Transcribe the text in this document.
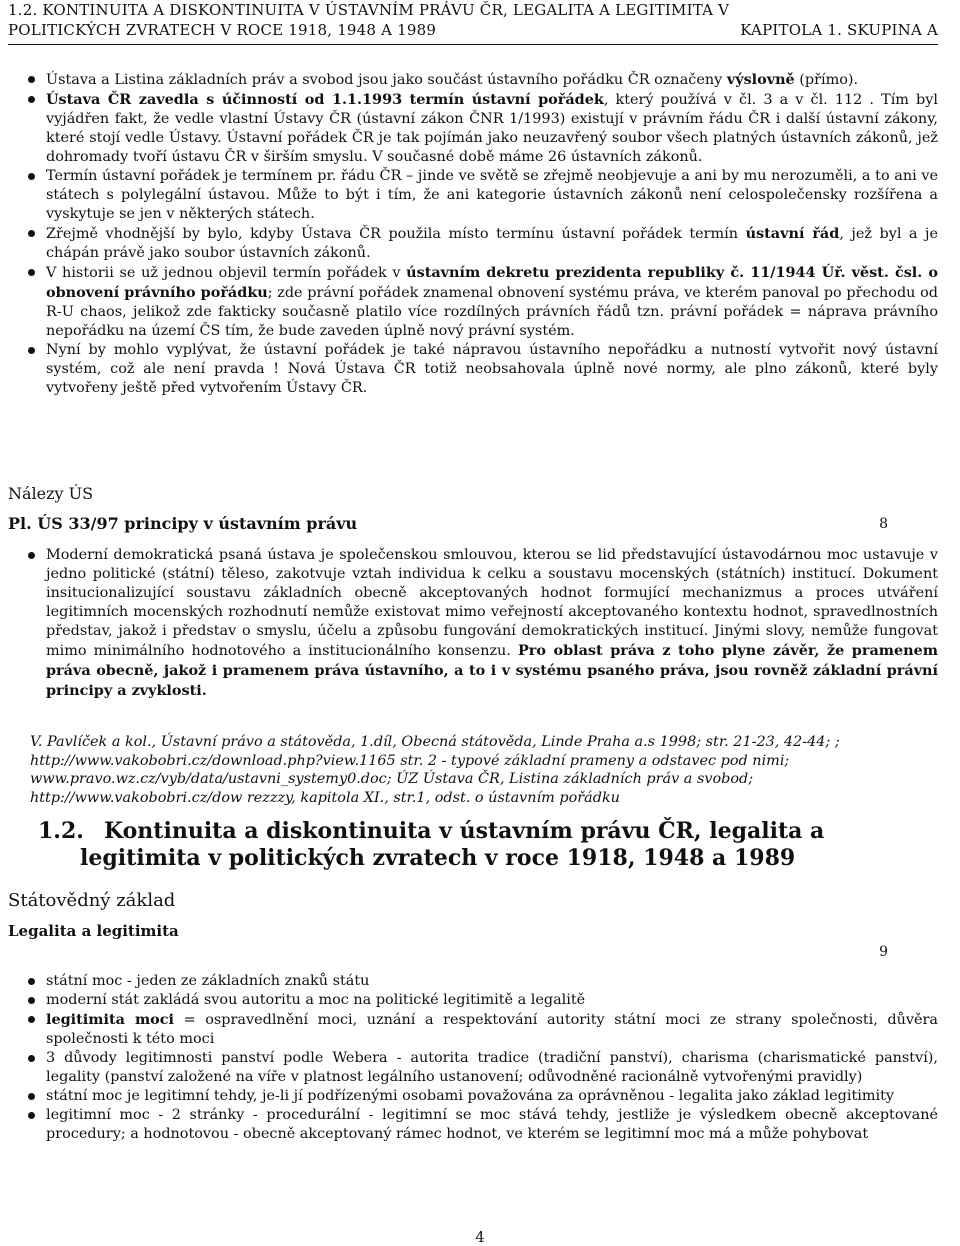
1.2. KONTINUITA A DISKONTINUITA V ÚSTAVNÍM PRÁVU ČR, LEGALITA A LEGITIMITA V
POLITICKÝCH ZVRATECH V ROCE 1918, 1948 A 1989	KAPITOLA 1. SKUPINA A
Ústava a Listina základních práv a svobod jsou jako součást ústavního pořádku ČR označeny výslovně (přímo).
Ústava ČR zavedla s účinností od 1.1.1993 termín ústavní pořádek, který používá v čl. 3 a v čl. 112 . Tím byl vyjádřen fakt, že vedle vlastní Ústavy ČR (ústavní zákon ČNR 1/1993) existují v právním řádu ČR i další ústavní zákony, které stojí vedle Ústavy. Ústavní pořádek ČR je tak pojímán jako neuzavřený soubor všech platných ústavních zákonů, jež dohromady tvoří ústavu ČR v širším smyslu. V současné době máme 26 ústavních zákonů.
Termín ústavní pořádek je termínem pr. řádu ČR – jinde ve světě se zřejmě neobjevuje a ani by mu nerozuměli, a to ani ve státech s polylegální ústavou. Může to být i tím, že ani kategorie ústavních zákonů není celospolečensky rozšířena a vyskytuje se jen v některých státech.
Zřejmě vhodnější by bylo, kdyby Ústava ČR použila místo termínu ústavní pořádek termín ústavní řád, jež byl a je chápán právě jako soubor ústavních zákonů.
V historii se už jednou objevil termín pořádek v ústavním dekretu prezidenta republiky č. 11/1944 Úř. věst. čsl. o obnovení právního pořádku; zde právní pořádek znamenal obnovení systému práva, ve kterém panoval po přechodu od R-U chaos, jelikož zde fakticky současně platilo více rozdílných právních řádů tzn. právní pořádek = náprava právního nepořádku na území ČS tím, že bude zaveden úplně nový právní systém.
Nyní by mohlo vyplývat, že ústavní pořádek je také nápravou ústavního nepořádku a nutností vytvořit nový ústavní systém, což ale není pravda ! Nová Ústava ČR totiž neobsahovala úplně nové normy, ale plno zákonů, které byly vytvořeny ještě před vytvořením Ústavy ČR.
Nálezy ÚS
Pl. ÚS 33/97 principy v ústavním právu	8
Moderní demokratická psaná ústava je společenskou smlouvou, kterou se lid představující ústavodárnou moc ustavuje v jedno politické (státní) těleso, zakotvuje vztah individua k celku a soustavu mocenských (státních) institucí. Dokument insitucionalizující soustavu základních obecně akceptovaných hodnot formující mechanizmus a proces utváření legitimních mocenských rozhodnutí nemůže existovat mimo veřejností akceptovaného kontextu hodnot, spravedlnostních představ, jakož i představ o smyslu, účelu a způsobu fungování demokratických institucí. Jinými slovy, nemůže fungovat mimo minimálního hodnotového a institucionálního konsenzu. Pro oblast práva z toho plyne závěr, že pramenem práva obecně, jakož i pramenem práva ústavního, a to i v systému psaného práva, jsou rovněž základní právní principy a zvyklosti.
V. Pavlíček a kol., Ústavní právo a státověda, 1.díl, Obecná státověda, Linde Praha a.s 1998; str. 21-23, 42-44; ; http://www.vakobobri.cz/download.php?view.1165 str. 2 - typové základní prameny a odstavec pod nimi; www.pravo.wz.cz/vyb/data/ustavni_systemy0.doc; ÚZ Ústava ČR, Listina základních práv a svobod; http://www.vakobobri.cz/dow rezzzy, kapitola XI., str.1, odst. o ústavním pořádku
1.2. Kontinuita a diskontinuita v ústavním právu ČR, legalita a
legitimita v politických zvratech v roce 1918, 1948 a 1989
Státovědný základ
Legalita a legitimita
9
státní moc - jeden ze základních znaků státu
moderní stát zakládá svou autoritu a moc na politické legitimitě a legalitě
legitimita moci = ospravedlnění moci, uznání a respektování autority státní moci ze strany společnosti, důvěra společnosti k této moci
3 důvody legitimnosti panství podle Webera - autorita tradice (tradiční panství), charisma (charismatické panství), legality (panství založené na víře v platnost legálního ustanovení; odůvodněné racionálně vytvořenými pravidly)
státní moc je legitimní tehdy, je-li jí podřízenými osobami považována za oprávněnou - legalita jako základ legitimity
legitimní moc - 2 stránky - procedurální - legitimní se moc stává tehdy, jestliže je výsledkem obecně akceptované procedury; a hodnotovou - obecně akceptovaný rámec hodnot, ve kterém se legitimní moc má a může pohybovat
4
